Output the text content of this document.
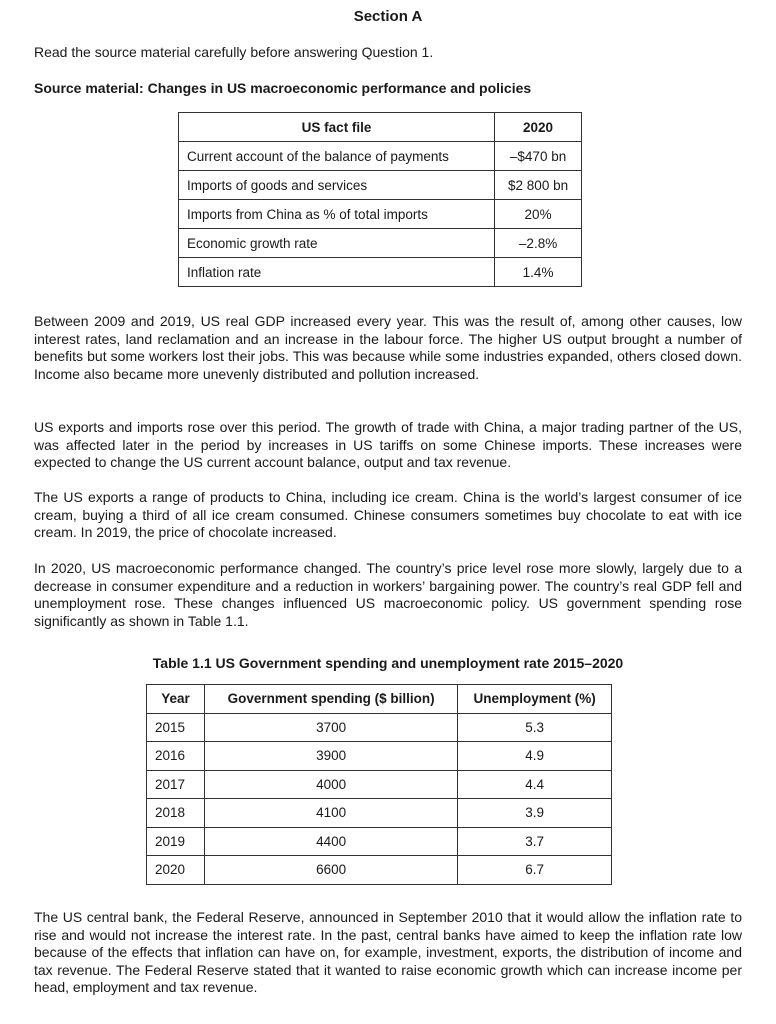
Section A
Read the source material carefully before answering Question 1.
Source material: Changes in US macroeconomic performance and policies
US fact file	2020
Current account of the balance of payments	–$470 bn
Imports of goods and services	$2 800 bn
Imports from China as % of total imports	20%
Economic growth rate	–2.8%
Inflation rate	1.4%

Between 2009 and 2019, US real GDP increased every year. This was the result of, among other causes, low interest rates, land reclamation and an increase in the labour force. The higher US output brought a number of benefits but some workers lost their jobs. This was because while some industries expanded, others closed down. Income also became more unevenly distributed and pollution increased.

US exports and imports rose over this period. The growth of trade with China, a major trading partner of the US, was affected later in the period by increases in US tariffs on some Chinese imports. These increases were expected to change the US current account balance, output and tax revenue.

The US exports a range of products to China, including ice cream. China is the world’s largest consumer of ice cream, buying a third of all ice cream consumed. Chinese consumers sometimes buy chocolate to eat with ice cream. In 2019, the price of chocolate increased.

In 2020, US macroeconomic performance changed. The country’s price level rose more slowly, largely due to a decrease in consumer expenditure and a reduction in workers’ bargaining power. The country’s real GDP fell and unemployment rose. These changes influenced US macroeconomic policy. US government spending rose significantly as shown in Table 1.1.

Table 1.1 US Government spending and unemployment rate 2015–2020
Year	Government spending ($ billion)	Unemployment (%)
2015	3700	5.3
2016	3900	4.9
2017	4000	4.4
2018	4100	3.9
2019	4400	3.7
2020	6600	6.7

The US central bank, the Federal Reserve, announced in September 2010 that it would allow the inflation rate to rise and would not increase the interest rate. In the past, central banks have aimed to keep the inflation rate low because of the effects that inflation can have on, for example, investment, exports, the distribution of income and tax revenue. The Federal Reserve stated that it wanted to raise economic growth which can increase income per head, employment and tax revenue.
